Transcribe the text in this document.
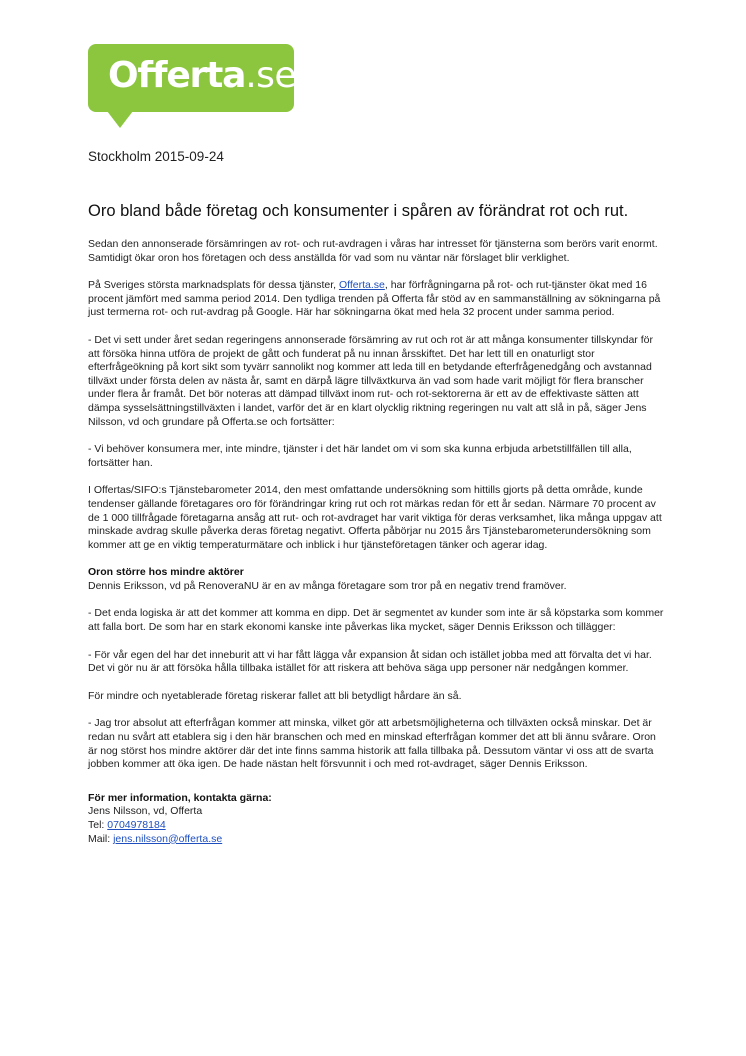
Offerta.se
Stockholm 2015-09-24
Oro bland både företag och konsumenter i spåren av förändrat rot och rut.

Sedan den annonserade försämringen av rot- och rut-avdragen i våras har intresset för tjänsterna som berörs varit enormt. Samtidigt ökar oron hos företagen och dess anställda för vad som nu väntar när förslaget blir verklighet.

På Sveriges största marknadsplats för dessa tjänster, Offerta.se, har förfrågningarna på rot- och rut-tjänster ökat med 16 procent jämfört med samma period 2014. Den tydliga trenden på Offerta får stöd av en sammanställning av sökningarna på just termerna rot- och rut-avdrag på Google. Här har sökningarna ökat med hela 32 procent under samma period.

- Det vi sett under året sedan regeringens annonserade försämring av rut och rot är att många konsumenter tillskyndar för att försöka hinna utföra de projekt de gått och funderat på nu innan årsskiftet. Det har lett till en onaturligt stor efterfrågeökning på kort sikt som tyvärr sannolikt nog kommer att leda till en betydande efterfrågenedgång och avstannad tillväxt under första delen av nästa år, samt en därpå lägre tillväxtkurva än vad som hade varit möjligt för flera branscher under flera år framåt. Det bör noteras att dämpad tillväxt inom rut- och rot-sektorerna är ett av de effektivaste sätten att dämpa sysselsättningstillväxten i landet, varför det är en klart olycklig riktning regeringen nu valt att slå in på, säger Jens Nilsson, vd och grundare på Offerta.se och fortsätter:

- Vi behöver konsumera mer, inte mindre, tjänster i det här landet om vi som ska kunna erbjuda arbetstillfällen till alla, fortsätter han.

I Offertas/SIFO:s Tjänstebarometer 2014, den mest omfattande undersökning som hittills gjorts på detta område, kunde tendenser gällande företagares oro för förändringar kring rut och rot märkas redan för ett år sedan. Närmare 70 procent av de 1 000 tillfrågade företagarna ansåg att rut- och rot-avdraget har varit viktiga för deras verksamhet, lika många uppgav att minskade avdrag skulle påverka deras företag negativt. Offerta påbörjar nu 2015 års Tjänstebarometerundersökning som kommer att ge en viktig temperaturmätare och inblick i hur tjänsteföretagen tänker och agerar idag.

Oron större hos mindre aktörer

Dennis Eriksson, vd på RenoveraNU är en av många företagare som tror på en negativ trend framöver.

- Det enda logiska är att det kommer att komma en dipp. Det är segmentet av kunder som inte är så köpstarka som kommer att falla bort. De som har en stark ekonomi kanske inte påverkas lika mycket, säger Dennis Eriksson och tillägger:

- För vår egen del har det inneburit att vi har fått lägga vår expansion åt sidan och istället jobba med att förvalta det vi har. Det vi gör nu är att försöka hålla tillbaka istället för att riskera att behöva säga upp personer när nedgången kommer.

För mindre och nyetablerade företag riskerar fallet att bli betydligt hårdare än så.

- Jag tror absolut att efterfrågan kommer att minska, vilket gör att arbetsmöjligheterna och tillväxten också minskar. Det är redan nu svårt att etablera sig i den här branschen och med en minskad efterfrågan kommer det att bli ännu svårare. Oron är nog störst hos mindre aktörer där det inte finns samma historik att falla tillbaka på. Dessutom väntar vi oss att de svarta jobben kommer att öka igen. De hade nästan helt försvunnit i och med rot-avdraget, säger Dennis Eriksson.

För mer information, kontakta gärna:
Jens Nilsson, vd, Offerta
Tel: 0704978184
Mail: jens.nilsson@offerta.se
